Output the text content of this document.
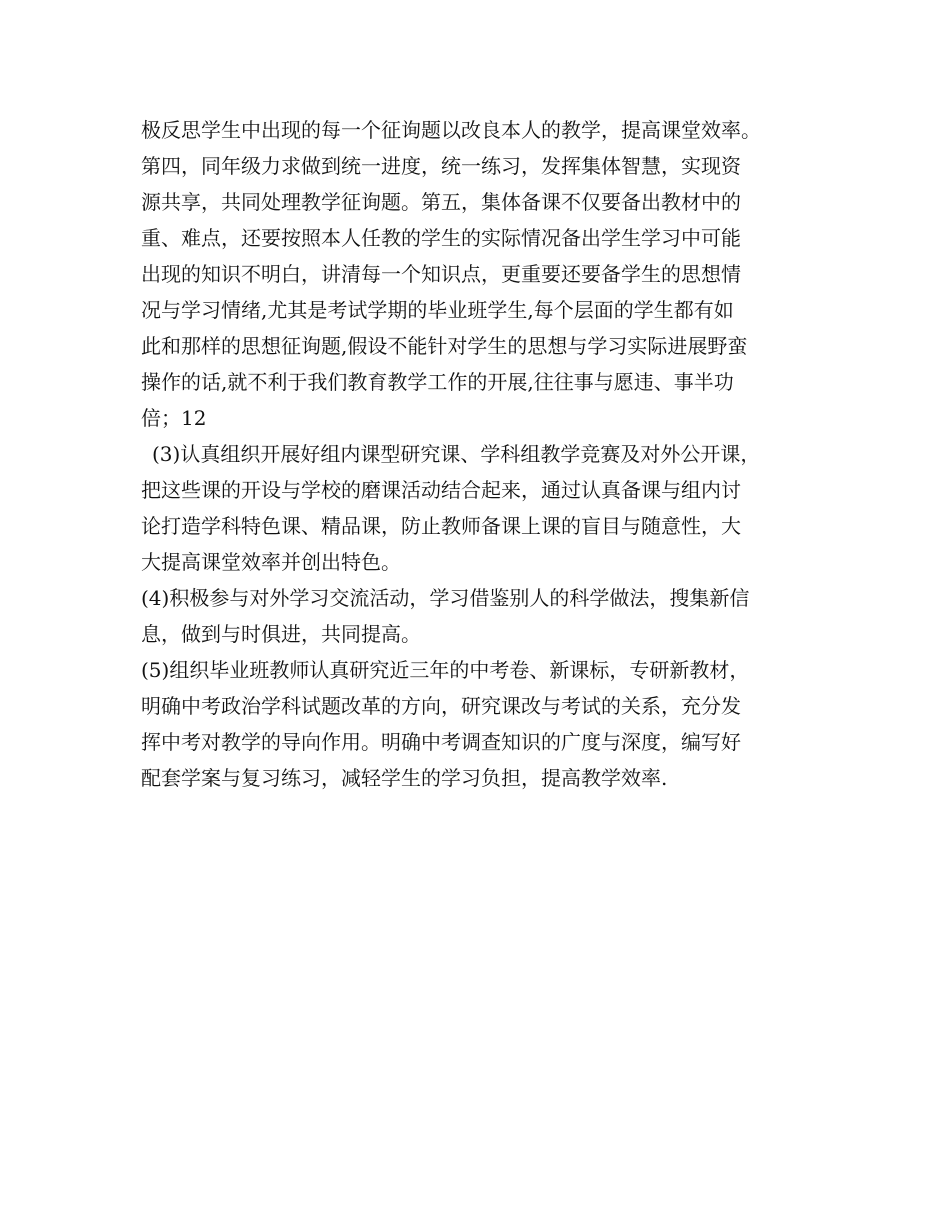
极反思学生中出现的每一个征询题以改良本人的教学，提高课堂效率。
第四，同年级力求做到统一进度，统一练习，发挥集体智慧，实现资
源共享，共同处理教学征询题。第五，集体备课不仅要备出教材中的
重、难点，还要按照本人任教的学生的实际情况备出学生学习中可能
出现的知识不明白，讲清每一个知识点，更重要还要备学生的思想情
况与学习情绪,尤其是考试学期的毕业班学生,每个层面的学生都有如
此和那样的思想征询题,假设不能针对学生的思想与学习实际进展野蛮
操作的话,就不利于我们教育教学工作的开展,往往事与愿违、事半功
倍；12
(3)认真组织开展好组内课型研究课、学科组教学竞赛及对外公开课，
把这些课的开设与学校的磨课活动结合起来，通过认真备课与组内讨
论打造学科特色课、精品课，防止教师备课上课的盲目与随意性，大
大提高课堂效率并创出特色。
(4)积极参与对外学习交流活动，学习借鉴别人的科学做法，搜集新信
息，做到与时俱进，共同提高。
(5)组织毕业班教师认真研究近三年的中考卷、新课标，专研新教材，
明确中考政治学科试题改革的方向，研究课改与考试的关系，充分发
挥中考对教学的导向作用。明确中考调查知识的广度与深度，编写好
配套学案与复习练习，减轻学生的学习负担，提高教学效率.
